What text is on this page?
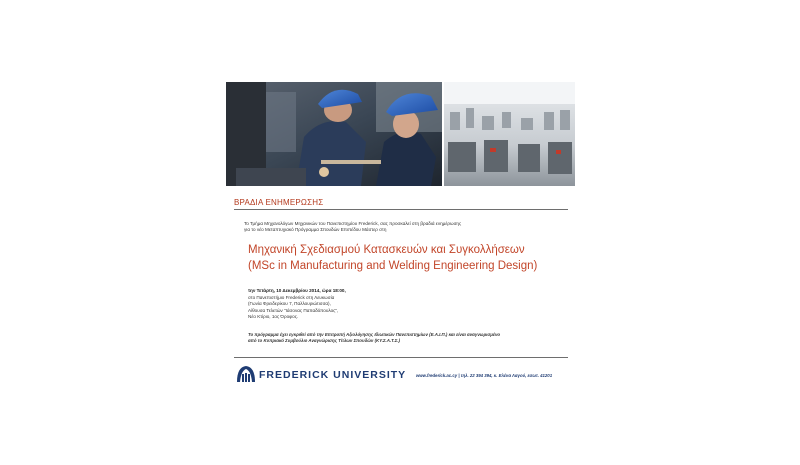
ΒΡΑΔΙΑ ΕΝΗΜΕΡΩΣΗΣ
Το Τμήμα Μηχανολόγων Μηχανικών του Πανεπιστημίου Frederick, σας προσκαλεί στη βραδιά ενημέρωσης
για το νέο Μεταπτυχιακό Πρόγραμμα Σπουδών Επιπέδου Μάστερ στη
Μηχανική Σχεδιασμού Κατασκευών και Συγκολλήσεων
(MSc in Manufacturing and Welding Engineering Design)
την Τετάρτη, 10 Δεκεμβρίου 2014, ώρα 18:00,
στο Πανεπιστήμιο Frederick στη Λευκωσία
(Γωνία Φρειδερίκου 7, Παλλουριώτισσα),
Αίθουσα Τελετών "Ιάσονας Παπαδόπουλος",
Νέο Κτίριο, 1ος Όροφος.
Το πρόγραμμα έχει εγκριθεί από την Επιτροπή Αξιολόγησης Ιδιωτικών Πανεπιστημίων (Ε.Α.Ι.Π.) και είναι αναγνωρισμένο
από το Κυπριακό Συμβούλιο Αναγνώρισης Τίτλων Σπουδών (ΚΥ.Σ.Α.Τ.Σ.)
FREDERICK UNIVERSITY www.frederick.ac.cy | τηλ. 22 394 394, κ. Ελένα Λαγού, εσωτ. 41201
